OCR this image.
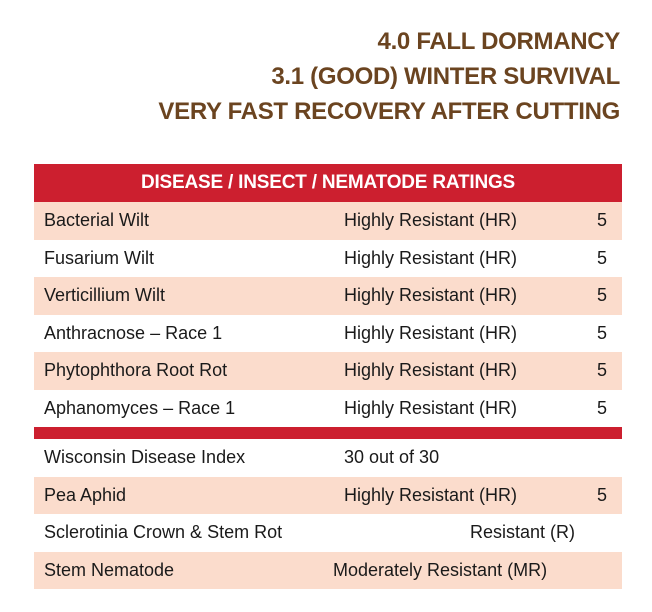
4.0 FALL DORMANCY
3.1 (GOOD) WINTER SURVIVAL
VERY FAST RECOVERY AFTER CUTTING
DISEASE / INSECT / NEMATODE RATINGS
Bacterial Wilt	Highly Resistant (HR)	5
Fusarium Wilt	Highly Resistant (HR)	5
Verticillium Wilt	Highly Resistant (HR)	5
Anthracnose – Race 1	Highly Resistant (HR)	5
Phytophthora Root Rot	Highly Resistant (HR)	5
Aphanomyces – Race 1	Highly Resistant (HR)	5
Wisconsin Disease Index	30 out of 30
Pea Aphid	Highly Resistant (HR)	5
Sclerotinia Crown & Stem Rot	Resistant (R)
Stem Nematode	Moderately Resistant (MR)
